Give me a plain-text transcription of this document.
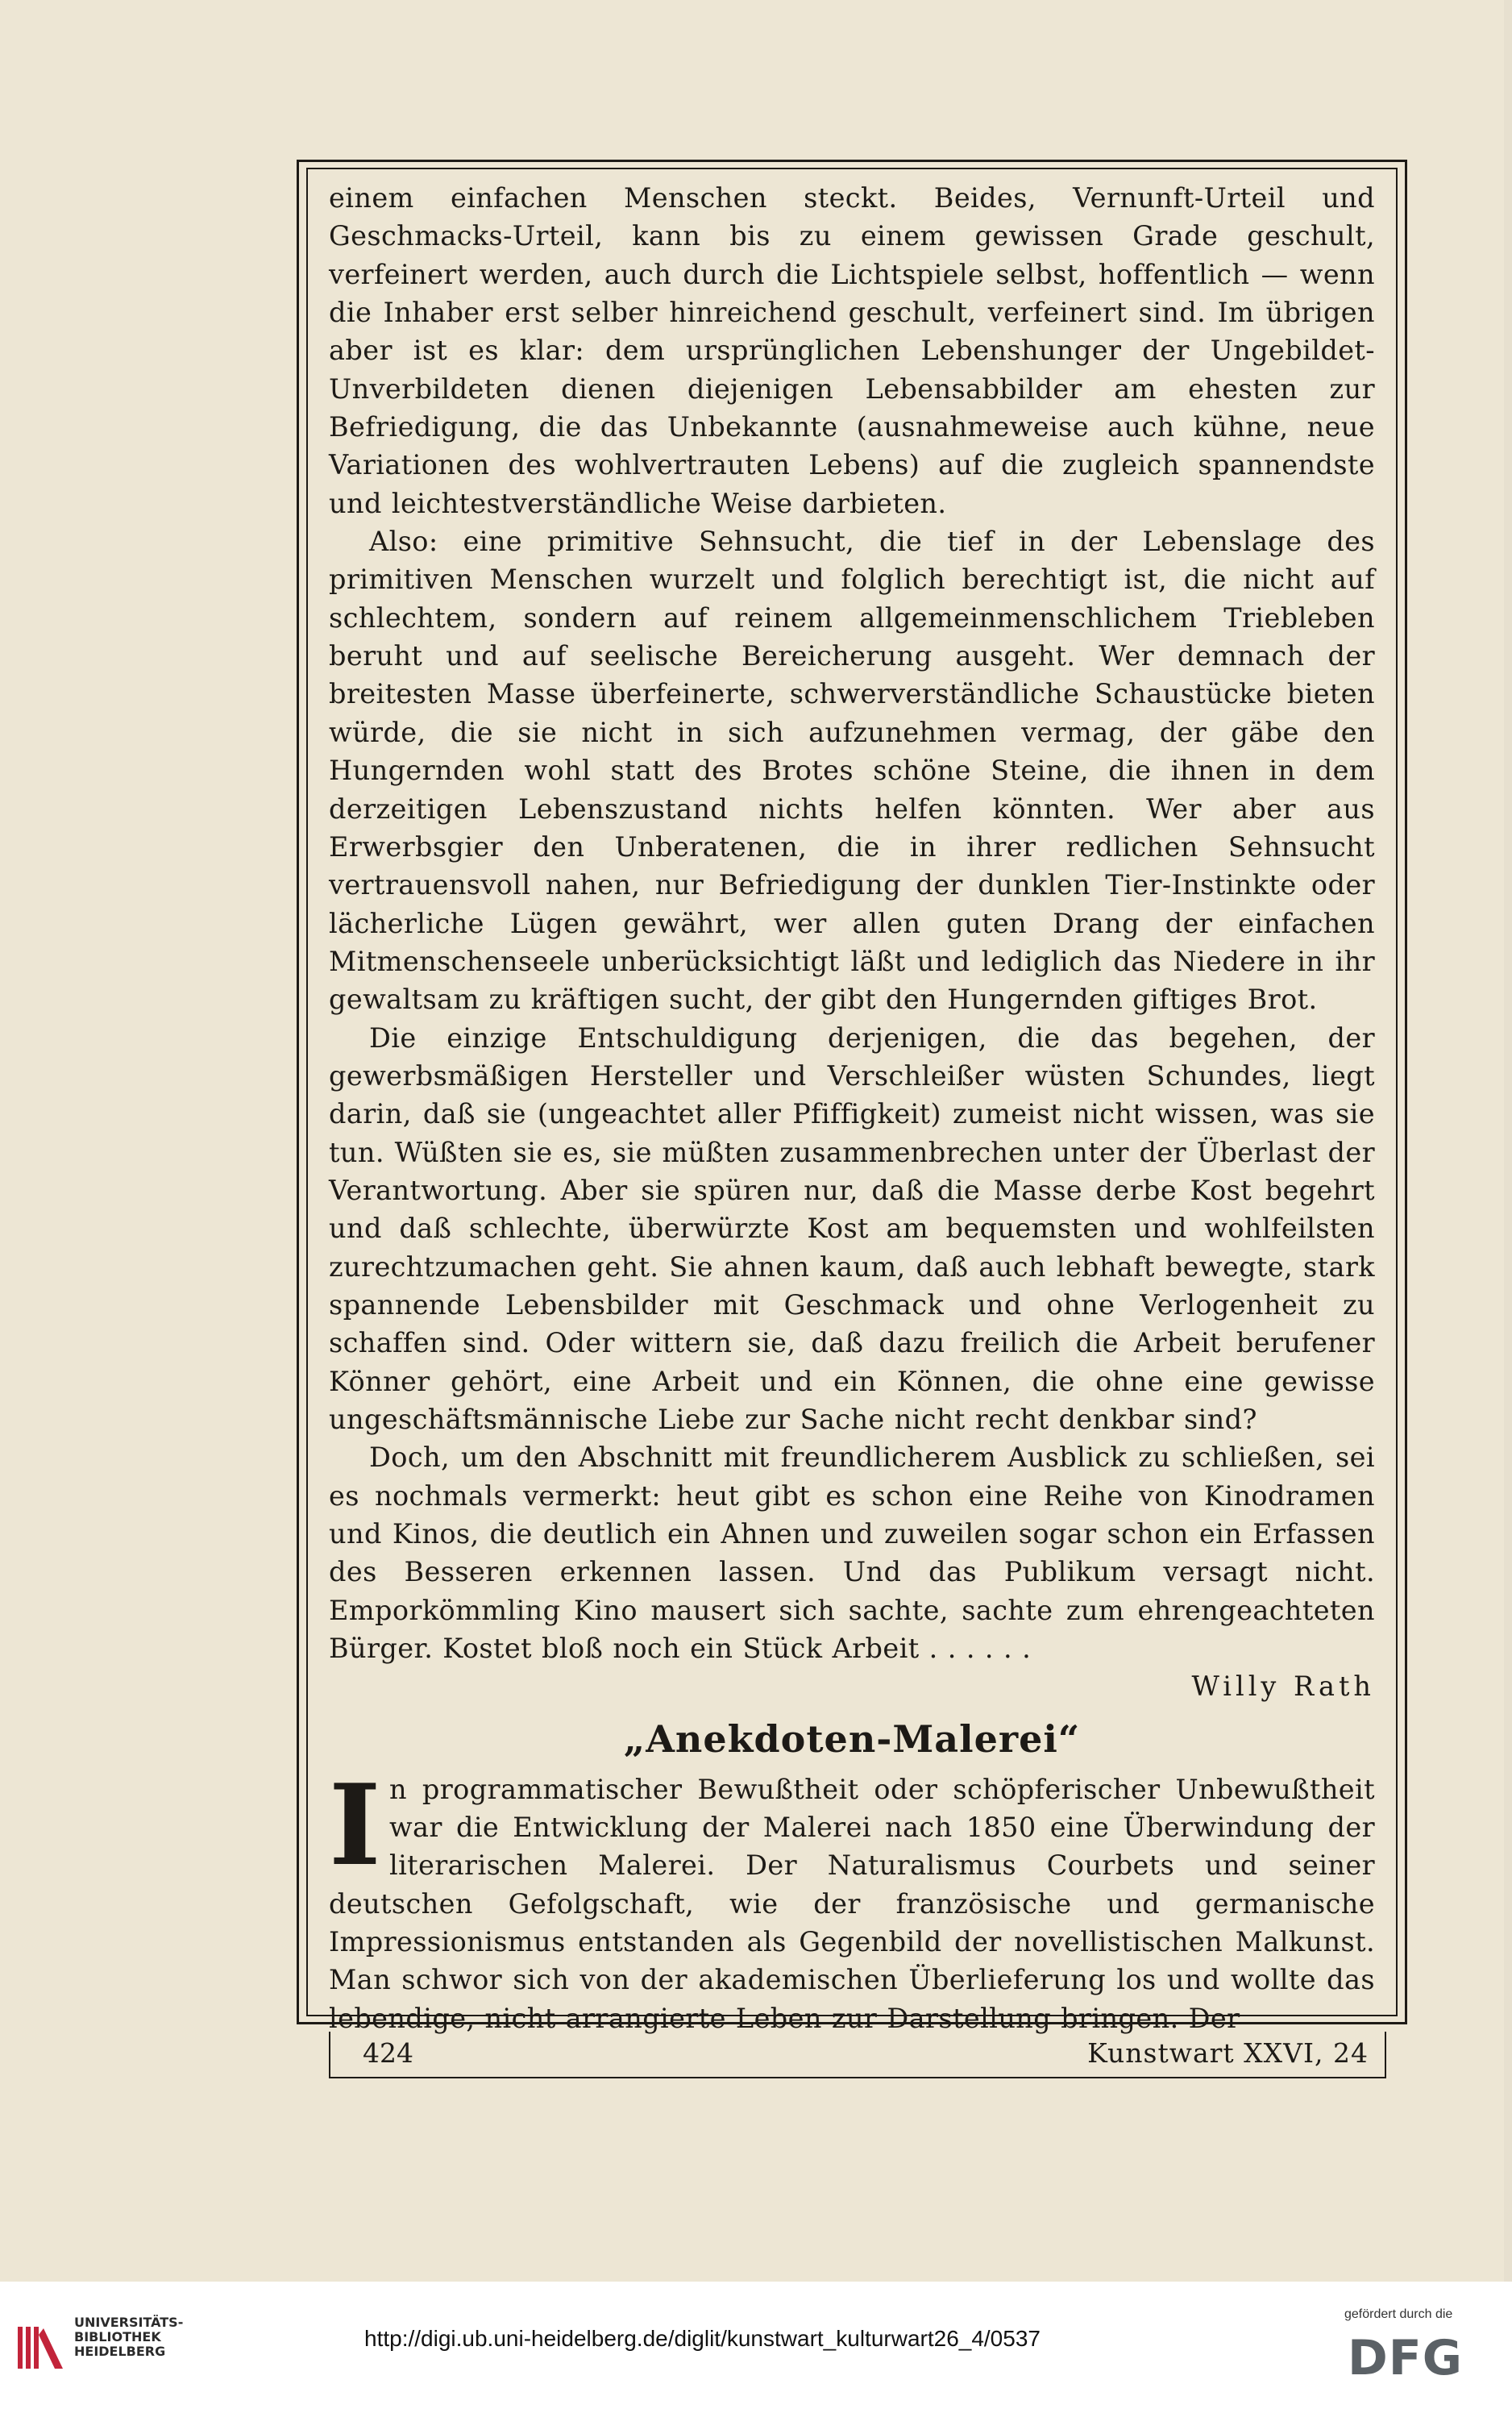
einem einfachen Menschen steckt. Beides, Vernunft-Urteil und Geschmacks-Urteil, kann bis zu einem gewissen Grade geschult, verfeinert werden, auch durch die Lichtspiele selbst, hoffentlich — wenn die Inhaber erst selber hinreichend geschult, verfeinert sind. Im übrigen aber ist es klar: dem ursprünglichen Lebenshunger der Ungebildet-Unverbildeten dienen diejenigen Lebensabbilder am ehesten zur Befriedigung, die das Unbekannte (ausnahmeweise auch kühne, neue Variationen des wohlvertrauten Lebens) auf die zugleich spannendste und leichtestverständliche Weise darbieten.

Also: eine primitive Sehnsucht, die tief in der Lebenslage des primitiven Menschen wurzelt und folglich berechtigt ist, die nicht auf schlechtem, sondern auf reinem allgemeinmenschlichem Triebleben beruht und auf seelische Bereicherung ausgeht. Wer demnach der breitesten Masse überfeinerte, schwerverständliche Schaustücke bieten würde, die sie nicht in sich aufzunehmen vermag, der gäbe den Hungernden wohl statt des Brotes schöne Steine, die ihnen in dem derzeitigen Lebenszustand nichts helfen könnten. Wer aber aus Erwerbsgier den Unberatenen, die in ihrer redlichen Sehnsucht vertrauensvoll nahen, nur Befriedigung der dunklen Tier-Instinkte oder lächerliche Lügen gewährt, wer allen guten Drang der einfachen Mitmenschenseele unberücksichtigt läßt und lediglich das Niedere in ihr gewaltsam zu kräftigen sucht, der gibt den Hungernden giftiges Brot.

Die einzige Entschuldigung derjenigen, die das begehen, der gewerbsmäßigen Hersteller und Verschleißer wüsten Schundes, liegt darin, daß sie (ungeachtet aller Pfiffigkeit) zumeist nicht wissen, was sie tun. Wüßten sie es, sie müßten zusammenbrechen unter der Überlast der Verantwortung. Aber sie spüren nur, daß die Masse derbe Kost begehrt und daß schlechte, überwürzte Kost am bequemsten und wohlfeilsten zurechtzumachen geht. Sie ahnen kaum, daß auch lebhaft bewegte, stark spannende Lebensbilder mit Geschmack und ohne Verlogenheit zu schaffen sind. Oder wittern sie, daß dazu freilich die Arbeit berufener Könner gehört, eine Arbeit und ein Können, die ohne eine gewisse ungeschäftsmännische Liebe zur Sache nicht recht denkbar sind?

Doch, um den Abschnitt mit freundlicherem Ausblick zu schließen, sei es nochmals vermerkt: heut gibt es schon eine Reihe von Kinodramen und Kinos, die deutlich ein Ahnen und zuweilen sogar schon ein Erfassen des Besseren erkennen lassen. Und das Publikum versagt nicht. Emporkömmling Kino mausert sich sachte, sachte zum ehrengeachteten Bürger. Kostet bloß noch ein Stück Arbeit . . . . . .

Willy Rath
„Anekdoten-Malerei“

In programmatischer Bewußtheit oder schöpferischer Unbewußtheit war die Entwicklung der Malerei nach 1850 eine Überwindung der literarischen Malerei. Der Naturalismus Courbets und seiner deutschen Gefolgschaft, wie der französische und germanische Impressionismus entstanden als Gegenbild der novellistischen Malkunst. Man schwor sich von der akademischen Überlieferung los und wollte das lebendige, nicht arrangierte Leben zur Darstellung bringen. Der

424	Kunstwart XXVI, 24
UNIVERSITÄTS-
BIBLIOTHEK
HEIDELBERG
http://digi.ub.uni-heidelberg.de/diglit/kunstwart_kulturwart26_4/0537
gefördert durch die
DFG
